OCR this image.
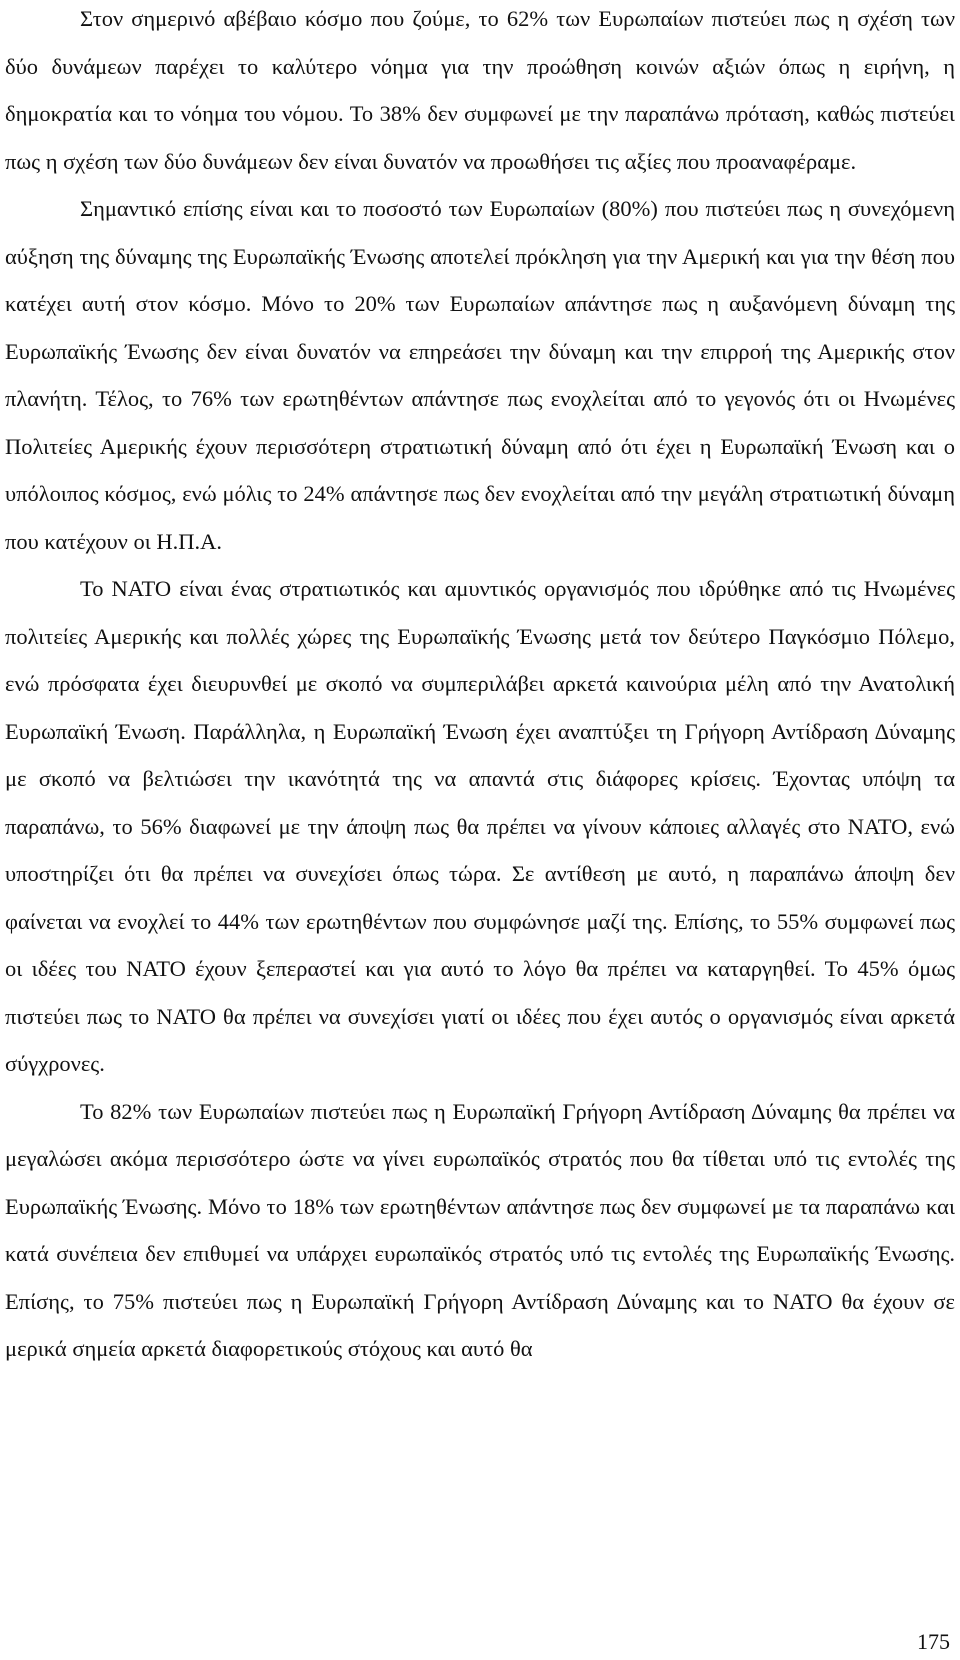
Στον σημερινό αβέβαιο κόσμο που ζούμε, το 62% των Ευρωπαίων πιστεύει πως η σχέση των δύο δυνάμεων παρέχει το καλύτερο νόημα για την προώθηση κοινών αξιών όπως η ειρήνη, η δημοκρατία και το νόημα του νόμου. Το 38% δεν συμφωνεί με την παραπάνω πρόταση, καθώς πιστεύει πως η σχέση των δύο δυνάμεων δεν είναι δυνατόν να προωθήσει τις αξίες που προαναφέραμε.

Σημαντικό επίσης είναι και το ποσοστό των Ευρωπαίων (80%) που πιστεύει πως η συνεχόμενη αύξηση της δύναμης της Ευρωπαϊκής Ένωσης αποτελεί πρόκληση για την Αμερική και για την θέση που κατέχει αυτή στον κόσμο. Μόνο το 20% των Ευρωπαίων απάντησε πως η αυξανόμενη δύναμη της Ευρωπαϊκής Ένωσης δεν είναι δυνατόν να επηρεάσει την δύναμη και την επιρροή της Αμερικής στον πλανήτη. Τέλος, το 76% των ερωτηθέντων απάντησε πως ενοχλείται από το γεγονός ότι οι Ηνωμένες Πολιτείες Αμερικής έχουν περισσότερη στρατιωτική δύναμη από ότι έχει η Ευρωπαϊκή Ένωση και ο υπόλοιπος κόσμος, ενώ μόλις το 24% απάντησε πως δεν ενοχλείται από την μεγάλη στρατιωτική δύναμη που κατέχουν οι Η.Π.Α.

Το ΝΑΤΟ είναι ένας στρατιωτικός και αμυντικός οργανισμός που ιδρύθηκε από τις Ηνωμένες πολιτείες Αμερικής και πολλές χώρες της Ευρωπαϊκής Ένωσης μετά τον δεύτερο Παγκόσμιο Πόλεμο, ενώ πρόσφατα έχει διευρυνθεί με σκοπό να συμπεριλάβει αρκετά καινούρια μέλη από την Ανατολική Ευρωπαϊκή Ένωση. Παράλληλα, η Ευρωπαϊκή Ένωση έχει αναπτύξει τη Γρήγορη Αντίδραση Δύναμης με σκοπό να βελτιώσει την ικανότητά της να απαντά στις διάφορες κρίσεις. Έχοντας υπόψη τα παραπάνω, το 56% διαφωνεί με την άποψη πως θα πρέπει να γίνουν κάποιες αλλαγές στο ΝΑΤΟ, ενώ υποστηρίζει ότι θα πρέπει να συνεχίσει όπως τώρα. Σε αντίθεση με αυτό, η παραπάνω άποψη δεν φαίνεται να ενοχλεί το 44% των ερωτηθέντων που συμφώνησε μαζί της. Επίσης, το 55% συμφωνεί πως οι ιδέες του ΝΑΤΟ έχουν ξεπεραστεί και για αυτό το λόγο θα πρέπει να καταργηθεί. Το 45% όμως πιστεύει πως το ΝΑΤΟ θα πρέπει να συνεχίσει γιατί οι ιδέες που έχει αυτός ο οργανισμός είναι αρκετά σύγχρονες.

Το 82% των Ευρωπαίων πιστεύει πως η Ευρωπαϊκή Γρήγορη Αντίδραση Δύναμης θα πρέπει να μεγαλώσει ακόμα περισσότερο ώστε να γίνει ευρωπαϊκός στρατός που θα τίθεται υπό τις εντολές της Ευρωπαϊκής Ένωσης. Μόνο το 18% των ερωτηθέντων απάντησε πως δεν συμφωνεί με τα παραπάνω και κατά συνέπεια δεν επιθυμεί να υπάρχει ευρωπαϊκός στρατός υπό τις εντολές της Ευρωπαϊκής Ένωσης. Επίσης, το 75% πιστεύει πως η Ευρωπαϊκή Γρήγορη Αντίδραση Δύναμης και το ΝΑΤΟ θα έχουν σε μερικά σημεία αρκετά διαφορετικούς στόχους και αυτό θα

175
